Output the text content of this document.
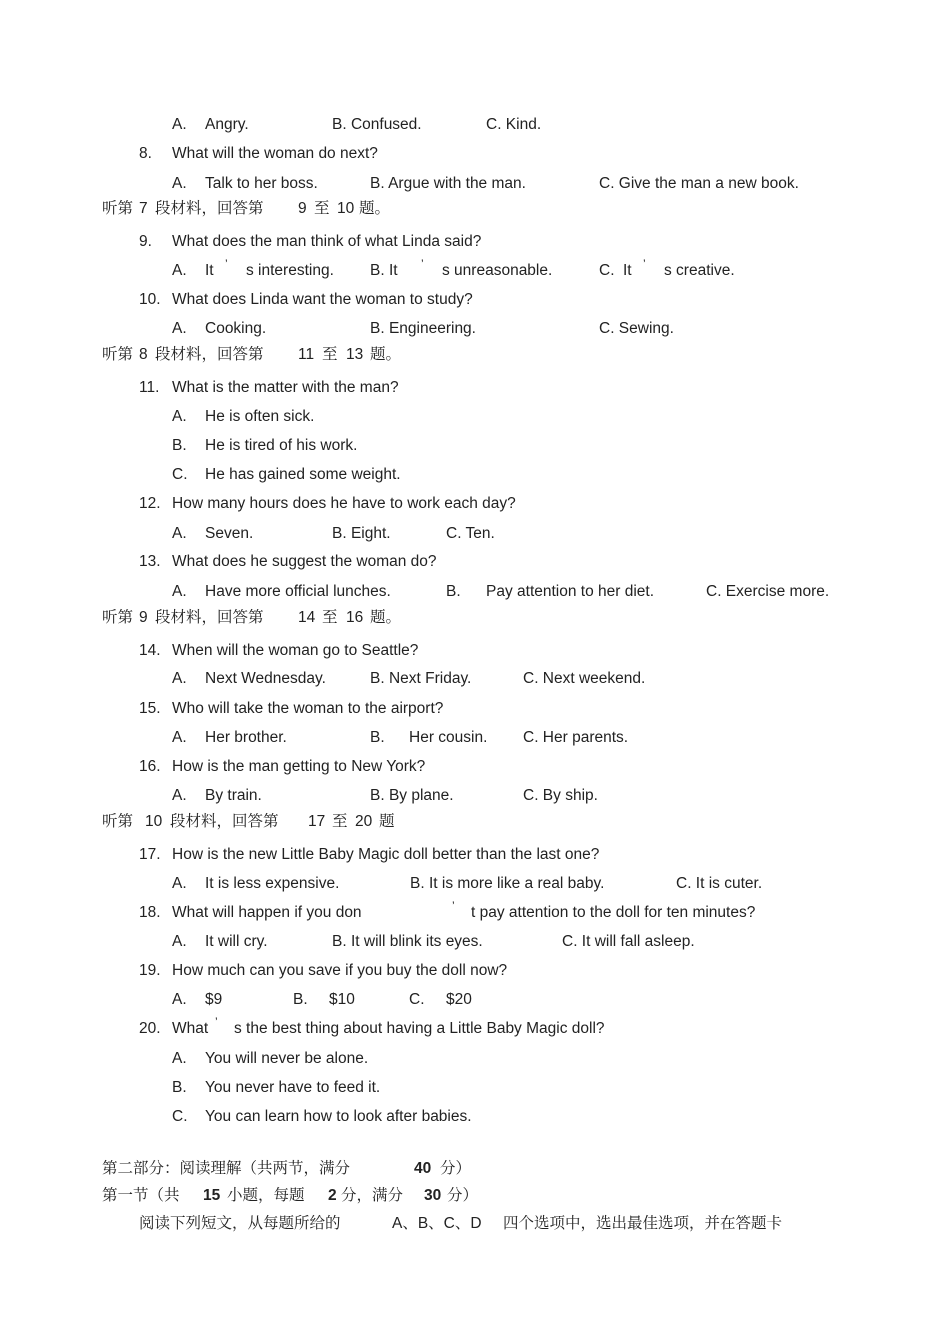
A. Angry.	B. Confused.	C. Kind.
8. What will the woman do next?
A. Talk to her boss.	B. Argue with the man.	C. Give the man a new book.
听第 7 段材料，回答第 9 至 10 题。
9. What does the man think of what Linda said?
A. It ’ s interesting. B. It ’ s unreasonable.	C. It ’ s creative.
10. What does Linda want the woman to study?
A. Cooking.	B. Engineering.	C. Sewing.
听第 8 段材料，回答第 11 至 13 题。
11. What is the matter with the man?
A. He is often sick.
B. He is tired of his work.
C. He has gained some weight.
12. How many hours does he have to work each day?
A. Seven.	B. Eight.	C. Ten.
13. What does he suggest the woman do?
A. Have more official lunches.	B. Pay attention to her diet.	C. Exercise more.
听第 9 段材料，回答第 14 至 16 题。
14. When will the woman go to Seattle?
A. Next Wednesday.	B. Next Friday.	C. Next weekend.
15. Who will take the woman to the airport?
A. Her brother.	B. Her cousin. C. Her parents.
16. How is the man getting to New York?
A. By train.	B. By plane.	C. By ship.
听第 10 段材料，回答第 17 至 20 题
17. How is the new Little Baby Magic doll better than the last one?
A. It is less expensive.	B. It is more like a real baby.	C. It is cuter.
18. What will happen if you don	’ t pay attention to the doll for ten minutes?
A. It will cry.	B. It will blink its eyes.	C. It will fall asleep.
19. How much can you save if you buy the doll now?
A. $9	B. $10	C. $20
20. What ’ s the best thing about having a Little Baby Magic doll?
A. You will never be alone.
B. You never have to feed it.
C. You can learn how to look after babies.
第二部分：阅读理解（共两节，满分	40 分）
第一节（共 15 小题，每题 2 分，满分 30 分）
阅读下列短文，从每题所给的	A、B、C、D 四个选项中，选出最佳选项，并在答题卡
